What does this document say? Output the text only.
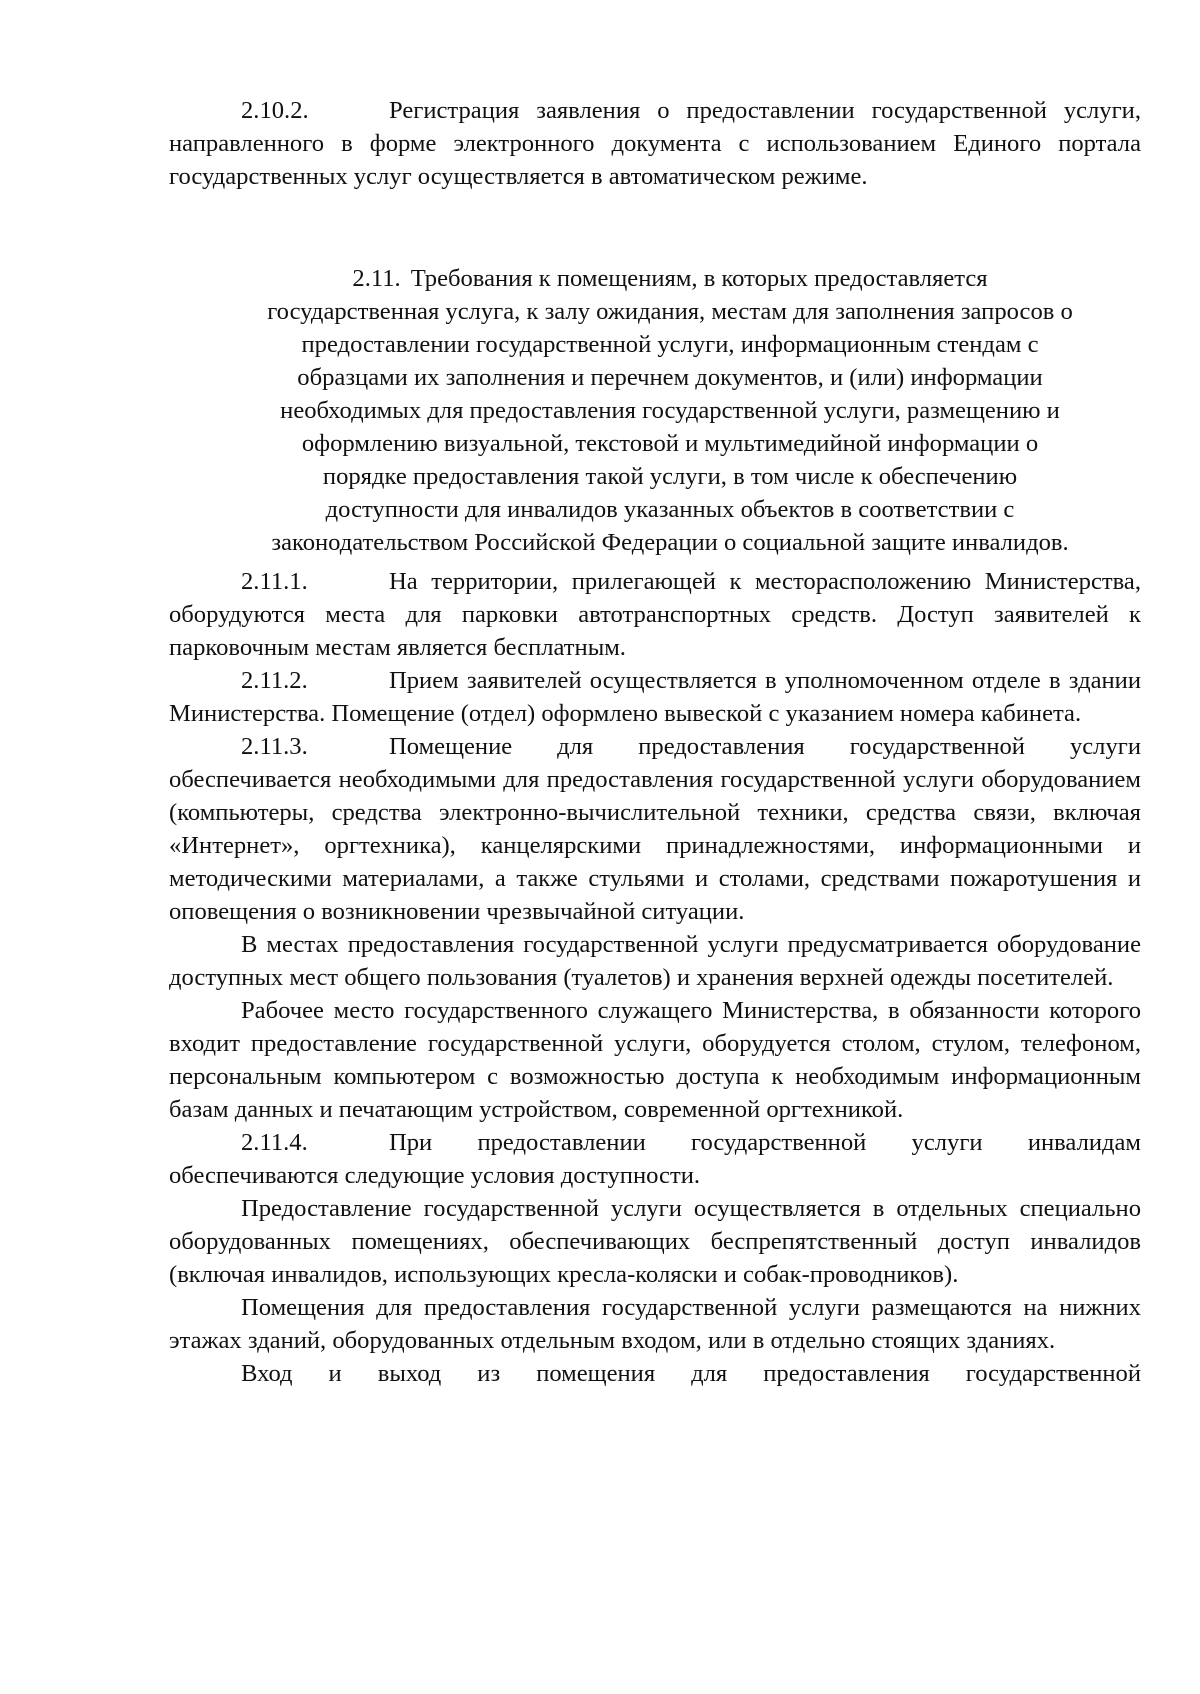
2.10.2.	Регистрация заявления о предоставлении государственной услуги, направленного в форме электронного документа с использованием Единого портала государственных услуг осуществляется в автоматическом режиме.

2.11. Требования к помещениям, в которых предоставляется
государственная услуга, к залу ожидания, местам для заполнения запросов о
предоставлении государственной услуги, информационным стендам с
образцами их заполнения и перечнем документов, и (или) информации
необходимых для предоставления государственной услуги, размещению и
оформлению визуальной, текстовой и мультимедийной информации о
порядке предоставления такой услуги, в том числе к обеспечению
доступности для инвалидов указанных объектов в соответствии с
законодательством Российской Федерации о социальной защите инвалидов.

2.11.1.	На территории, прилегающей к месторасположению Министерства, оборудуются места для парковки автотранспортных средств. Доступ заявителей к парковочным местам является бесплатным.

2.11.2.	Прием заявителей осуществляется в уполномоченном отделе в здании Министерства. Помещение (отдел) оформлено вывеской с указанием номера кабинета.

2.11.3.	Помещение для предоставления государственной услуги обеспечивается необходимыми для предоставления государственной услуги оборудованием (компьютеры, средства электронно-вычислительной техники, средства связи, включая «Интернет», оргтехника), канцелярскими принадлежностями, информационными и методическими материалами, а также стульями и столами, средствами пожаротушения и оповещения о возникновении чрезвычайной ситуации.

В местах предоставления государственной услуги предусматривается оборудование доступных мест общего пользования (туалетов) и хранения верхней одежды посетителей.

Рабочее место государственного служащего Министерства, в обязанности которого входит предоставление государственной услуги, оборудуется столом, стулом, телефоном, персональным компьютером с возможностью доступа к необходимым информационным базам данных и печатающим устройством, современной оргтехникой.

2.11.4.	При предоставлении государственной услуги инвалидам обеспечиваются следующие условия доступности.

Предоставление государственной услуги осуществляется в отдельных специально оборудованных помещениях, обеспечивающих беспрепятственный доступ инвалидов (включая инвалидов, использующих кресла-коляски и собак-проводников).

Помещения для предоставления государственной услуги размещаются на нижних этажах зданий, оборудованных отдельным входом, или в отдельно стоящих зданиях.

Вход и выход из помещения для предоставления государственной
